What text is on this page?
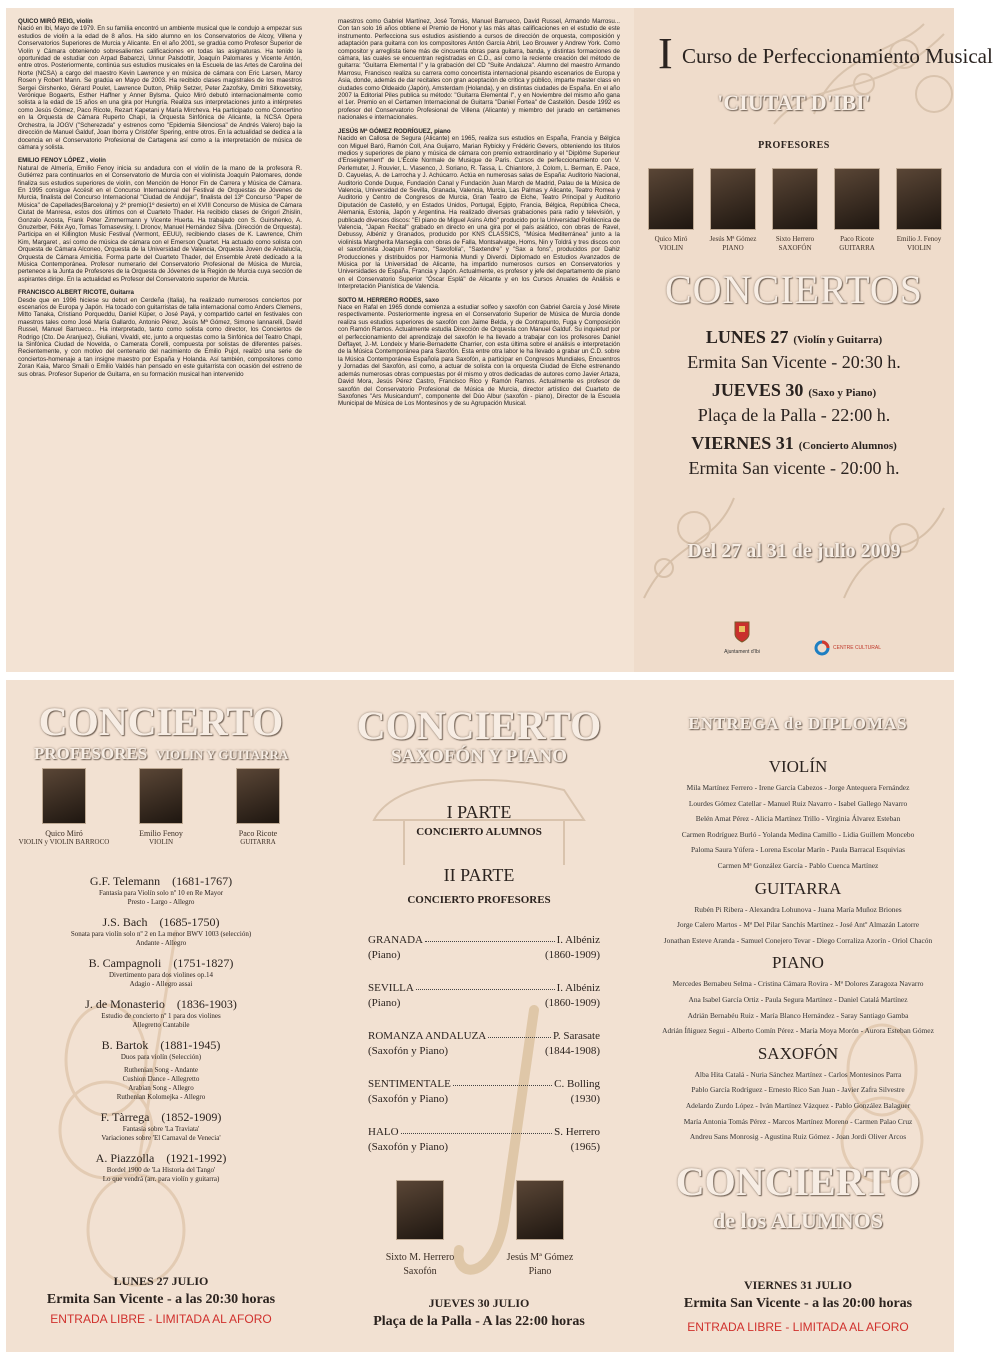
QUICO MIRÓ REIG, violín
Nació en Ibi, Mayo de 1979. En su familia encontró un ambiente musical que le condujo a empezar sus estudios de violín a la edad de 8 años. Ha sido alumno en los Conservatorios de Alcoy, Villena y Conservatorios Superiores de Murcia y Alicante. En el año 2001, se gradúa como Profesor Superior de Violín y Cámara obteniendo sobresalientes calificaciones en todas las asignaturas. Ha tenido la oportunidad de estudiar con Arpad Babarczi, Unnur Palsdottir, Joaquín Palomares y Vicente Antón, entre otros. Posteriormente, continúa sus estudios musicales en la Escuela de las Artes de Carolina del Norte (NCSA) a cargo del maestro Kevin Lawrence y en música de cámara con Eric Larsen, Marcy Rosen y Robert Mann. Se gradúa en Mayo de 2003. Ha recibido clases magistrales de los maestros Sergei Girshenko, Gérard Poulet, Lawrence Dutton, Philip Setzer, Peter Zazofsky, Dmitri Sitkovetsky, Verónique Bogaerts, Esther Haffner y Anner Bylsma. Quico Miró debutó internacionalmente como solista a la edad de 15 años en una gira por Hungría. Realiza sus interpretaciones junto a intérpretes como Jesús Gómez, Paco Ricote, Rezart Kapetani y María Mircheva. Ha participado como Concertino en la Orquesta de Cámara Ruperto Chapí, la Orquesta Sinfónica de Alicante, la NCSA Opera Orchestra, la JOGV ("Scherezada" y estrenos como "Epidemia Silenciosa" de Andrés Valero) bajo la dirección de Manuel Galduf, Joan Iborra y Cristófer Spering, entre otros. En la actualidad se dedica a la docencia en el Conservatorio Profesional de Cartagena así como a la interpretación de música de cámara y solista.

EMILIO FENOY LÓPEZ , violín
Natural de Almería, Emilio Fenoy inicia su andadura con el violín de la mano de la profesora R. Gutiérrez para continuarlos en el Conservatorio de Murcia con el violinista Joaquín Palomares, donde finaliza sus estudios superiores de violín, con Mención de Honor Fin de Carrera y Música de Cámara. En 1995 consigue Accésit en el Concurso Internacional del Festival de Orquestas de Jóvenes de Murcia, finalista del Concurso Internacional "Ciudad de Andújar", finalista del 13º Concurso "Paper de Música" de Capellades(Barcelona) y 2º premio(1º desierto) en el XVIII Concurso de Música de Cámara Ciutat de Manresa, estos dos últimos con el Cuarteto Thader. Ha recibido clases de Grigori Zhislin, Gonzalo Acosta, Frank Peter Zimmermann y Vicente Huerta. Ha trabajado con S. Guirshenko, A. Gnuzerber, Félix Ayo, Tomas Tomasevsky, I. Dronov, Manuel Hernández Silva. (Dirección de Orquesta). Participa en el Killington Music Festival (Vermont, EEUU), recibiendo clases de K. Lawrence, Chim Kim, Margaret , así como de música de cámara con el Emerson Quartet. Ha actuado como solista con Orquesta de Cámara Alconeo, Orquesta de la Universidad de Valencia, Orquesta Joven de Andalucía, Orquesta de Cámara Amicitia. Forma parte del Cuarteto Thader, del Ensemble Areté dedicado a la Música Contemporánea. Profesor numerario del Conservatorio Profesional de Música de Murcia, pertenece a la Junta de Profesores de la Orquesta de Jóvenes de la Región de Murcia cuya sección de aspirantes dirige. En la actualidad es Profesor del Conservatorio superior de Murcia.

FRANCISCO ALBERT RICOTE, Guitarra
Desde que en 1996 hiciese su debut en Cerdeña (Italia), ha realizado numerosos conciertos por escenarios de Europa y Japón. Ha tocado con guitarristas de talla internacional como Anders Clemens, Mitto Tanaka, Cristiano Porqueddu, Daniel Küper, o José Payá, y compartido cartel en festivales con maestros tales como José María Gallardo, Antonio Pérez, Jesús Mª Gómez, Simone Iannarelli, David Russel, Manuel Barrueco... Ha interpretado, tanto como solista como director, los Conciertos de Rodrigo (Cto. De Aranjuez), Giuliani, Vivaldi, etc, junto a orquestas como la Sinfónica del Teatro Chapí, la Sinfónica Ciudad de Novelda, o Camerata Corelli, compuesta por solistas de diferentes países. Recientemente, y con motivo del centenario del nacimiento de Emilio Pujol, realizó una serie de conciertos-homenaje a tan insigne maestro por España y Holanda. Así también, compositores como Zoran Kaia, Marco Smaili o Emilio Valdés han pensado en este guitarrista con ocasión del estreno de sus obras. Profesor Superior de Guitarra, en su formación musical han intervenido

maestros como Gabriel Martínez, José Tomás, Manuel Barrueco, David Russel, Armando Marrosu... Con tan solo 16 años obtiene el Premio de Honor y las más altas calificaciones en el estudio de este instrumento. Perfecciona sus estudios asistiendo a cursos de dirección de orquesta, composición y adaptación para guitarra con los compositores Antón García Abril, Leo Brouwer y Andrew York. Como compositor y arreglista tiene más de cincuenta obras para guitarra, banda, y distintas formaciones de cámara, las cuales se encuentran registradas en C.D., así como la reciente creación del método de guitarra: "Guitarra Elemental I" y la grabación del CD "Suite Andaluza". Alumno del maestro Armando Marrosu, Francisco realiza su carrera como concertista internacional pisando escenarios de Europa y Asia, donde, además de dar recitales con gran aceptación de crítica y público, imparte master class en ciudades como Oldeaido (Japón), Amsterdam (Holanda), y en distintas ciudades de España. En el año 2007 la Editorial Piles publica su método: "Guitarra Elemental I", y en Noviembre del mismo año gana el 1er. Premio en el Certamen Internacional de Guitarra "Daniel Fortea" de Castellón. Desde 1992 es profesor del Conservatorio Profesional de Villena (Alicante) y miembro del jurado en certámenes nacionales e internacionales.

JESÚS Mª GÓMEZ RODRÍGUEZ, piano
Nacido en Callosa de Segura (Alicante) en 1965, realiza sus estudios en España, Francia y Bélgica con Miguel Baró, Ramón Coll, Ana Guijarro, Marian Rybicky y Frédéric Gevers, obteniendo los títulos medios y superiores de piano y música de cámara con premio extraordinario y el "Diplôme Superieur d'Enseignement" de L'École Normale de Musique de Paris. Cursos de perfeccionamiento con V. Perlemuter, J. Rouvier, L. Vlasenco, J. Soriano, R. Tassa, L. Chiantore, J. Colom, L. Berman, E. Pace, D. Cayuelas, A. de Larrocha y J. Achúcarro. Actúa en numerosas salas de España: Auditorio Nacional, Auditorio Conde Duque, Fundación Canal y Fundación Juan March de Madrid, Palau de la Música de Valencia, Universidad de Sevilla, Granada, Valencia, Murcia, Las Palmas y Alicante, Teatro Romea y Auditorio y Centro de Congresos de Murcia, Gran Teatro de Elche, Teatro Principal y Auditorio Diputación de Castelló, y en Estados Unidos, Portugal, Egipto, Francia, Bélgica, República Checa, Alemania, Estonia, Japón y Argentina. Ha realizado diversas grabaciones para radio y televisión, y publicado diversos discos: "El piano de Miguel Asins Arbó" producido por la Universidad Politécnica de Valencia, "Japan Recital" grabado en directo en una gira por el país asiático, con obras de Ravel, Debussy, Albéniz y Granados, producido por KNS CLASSICS, "Música Mediterránea" junto a la violinista Margherita Marseglia con obras de Falla, Montsalvatge, Homs, Nin y Toldrá y tres discos con el saxofonista Joaquín Franco, "Saxofolía", "Saxtendre" y "Sax a fons", producidos por Dahiz Producciones y distribuidos por Harmonia Mundi y Diverdi. Diplomado en Estudios Avanzados de Música por la Universidad de Alicante, ha impartido numerosos cursos en Conservatorios y Universidades de España, Francia y Japón. Actualmente, es profesor y jefe del departamento de piano en el Conservatorio Superior "Óscar Esplá" de Alicante y en los Cursos Anuales de Análisis e Interpretación Pianística de Valencia.

SIXTO M. HERRERO RODES, saxo
Nace en Rafal en 1965 donde comienza a estudiar solfeo y saxofón con Gabriel García y José Mirete respectivamente. Posteriormente ingresa en el Conservatorio Superior de Música de Murcia donde realiza sus estudios superiores de saxofón con Jaime Belda, y de Contrapunto, Fuga y Composición con Ramón Ramos. Actualmente estudia Dirección de Orquesta con Manuel Galduf. Su inquietud por el perfeccionamiento del aprendizaje del saxofón le ha llevado a trabajar con los profesores Daniel Deffayet, J.-M. Londeix y Marie-Bernadette Charrier, con esta última sobre el análisis e interpretación de la Música Contemporánea para Saxofón. Esta entre otra labor le ha llevado a grabar un C.D. sobre la Música Contemporánea Española para Saxofón, a participar en Congresos Mundiales, Encuentros y Jornadas del Saxofón, así como, a actuar de solista con la orquesta Ciudad de Elche estrenando además numerosas obras compuestas por él mismo y otros dedicadas de autores como Javier Artaza, David Mora, Jesús Pérez Castro, Francisco Rico y Ramón Ramos. Actualmente es profesor de saxofón del Conservatorio Profesional de Música de Murcia, director artístico del Cuarteto de Saxofones "Ars Musicandum", componente del Dúo Albur (saxofón - piano), Director de la Escuela Municipal de Música de Los Montesinos y de su Agrupación Musical.

I Curso de Perfeccionamiento Musical
'CIUTAT D'IBI'
PROFESORES
Quico Miró
VIOLIN
Jesús Mª Gómez
PIANO
Sixto Herrero
SAXOFÓN
Paco Ricote
GUITARRA
Emilio J. Fenoy
VIOLIN
CONCIERTOS
LUNES 27 (Violín y Guitarra)
Ermita San Vicente - 20:30 h.
JUEVES 30 (Saxo y Piano)
Plaça de la Palla - 22:00 h.
VIERNES 31 (Concierto Alumnos)
Ermita San vicente - 20:00 h.
Del 27 al 31 de julio 2009
Ajuntament d'Ibi
CENTRE CULTURAL
CONCIERTO
PROFESORES VIOLIN Y GUITARRA
Quico Miró
VIOLIN y VIOLIN BARROCO
Emilio Fenoy
VIOLIN
Paco Ricote
GUITARRA
G.F. Telemann (1681-1767)
Fantasía para Violín solo nº 10 en Re Mayor
Presto - Largo - Allegro
J.S. Bach (1685-1750)
Sonata para violín solo nº 2 en La menor BWV 1003 (selección)
Andante - Allegro
B. Campagnoli (1751-1827)
Divertimento para dos violines op.14
Adagio - Allegro assai
J. de Monasterio (1836-1903)
Estudio de concierto nº 1 para dos violines
Allegretto Cantabile
B. Bartok (1881-1945)
Duos para violín (Selección)
Ruthenian Song - Andante
Cushion Dance - Allegretto
Arabian Song - Allegro
Ruthenian Kolomejka - Allegro
F. Tàrrega (1852-1909)
Fantasía sobre 'La Traviata'
Variaciones sobre 'El Carnaval de Venecia'
A. Piazzolla (1921-1992)
Bordel 1900 de 'La Historia del Tango'
Lo que vendrá (arr. para violín y guitarra)
LUNES 27 JULIO
Ermita San Vicente - a las 20:30 horas
ENTRADA LIBRE - LIMITADA AL AFORO
CONCIERTO
SAXOFÓN Y PIANO
I PARTE
CONCIERTO ALUMNOS
II PARTE
CONCIERTO PROFESORES
GRANADA	I. Albéniz
(Piano)	(1860-1909)
SEVILLA	I. Albéniz
(Piano)	(1860-1909)
ROMANZA ANDALUZA	P. Sarasate
(Saxofón y Piano)	(1844-1908)
SENTIMENTALE	C. Bolling
(Saxofón y Piano)	(1930)
HALO	S. Herrero
(Saxofón y Piano)	(1965)
Sixto M. Herrero
Saxofón
Jesús Mª Gómez
Piano
JUEVES 30 JULIO
Plaça de la Palla - A las 22:00 horas
ENTREGA de DIPLOMAS
VIOLÍN
Mila Martínez Ferrero - Irene García Cabezos - Jorge Antequera Fernández
Lourdes Gómez Catellar - Manuel Ruiz Navarro - Isabel Gallego Navarro
Belén Amat Pérez - Alicia Martínez Trillo - Virginia Álvarez Esteban
Carmen Rodríguez Burló - Yolanda Medina Camillo - Lidia Guillem Moncebo
Paloma Saura Yúfera - Lorena Escolar Marín - Paula Barracal Esquivias
Carmen Mª González García - Pablo Cuenca Martínez
GUITARRA
Rubén Pi Ribera - Alexandra Lohunova - Juana María Muñoz Briones
Jorge Calero Martos - Mª Del Pilar Sanchís Martínez - José Antº Almazán Latorre
Jonathan Esteve Aranda - Samuel Conejero Tevar - Diego Corraliza Azorín - Oriol Chacón
PIANO
Mercedes Bernabeu Selma - Cristina Cámara Rovira - Mª Dolores Zaragoza Navarro
Ana Isabel García Ortiz - Paula Segura Martínez - Daniel Catalá Martínez
Adrián Bernabéu Ruiz - María Blanco Hernández - Saray Santiago Gamba
Adrián Íñiguez Segui - Alberto Comín Pérez - María Moya Morón - Aurora Esteban Gómez
SAXOFÓN
Alba Hita Catalá - Nuria Sánchez Martínez - Carlos Montesinos Parra
Pablo García Rodríguez - Ernesto Rico San Juan - Javier Zafra Silvestre
Adelardo Zurdo López - Iván Martínez Vázquez - Pablo González Balaguer
María Antonia Tomás Pérez - Marcos Martínez Moreno - Carmen Palao Cruz
Andreu Sans Monrosig - Agustina Ruiz Gómez - Joan Jordi Oliver Arcos
CONCIERTO
de los ALUMNOS
VIERNES 31 JULIO
Ermita San Vicente - a las 20:00 horas
ENTRADA LIBRE - LIMITADA AL AFORO
